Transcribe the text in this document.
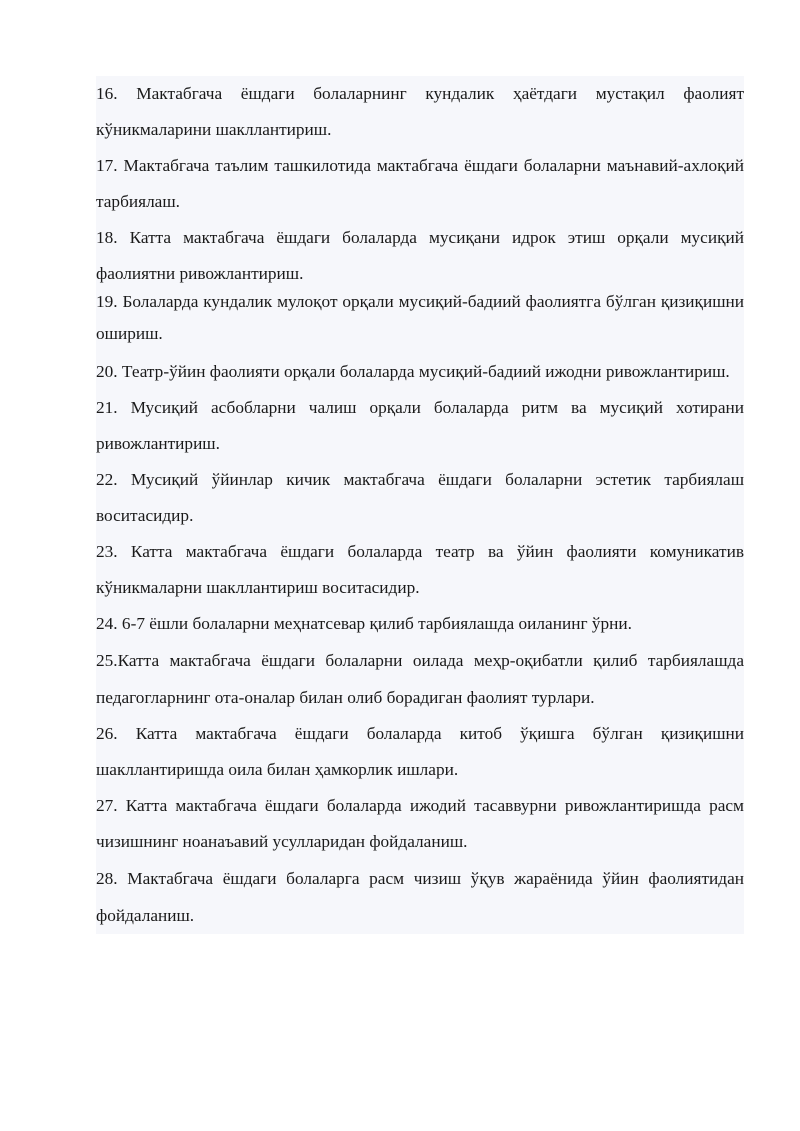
16. Мактабгача ёшдаги болаларнинг кундалик ҳаётдаги мустақил фаолият кўникмаларини шакллантириш.
17. Мактабгача таълим ташкилотида мактабгача ёшдаги болаларни маънавий-ахлоқий тарбиялаш.
18. Катта мактабгача ёшдаги болаларда мусиқани идрок этиш орқали мусиқий фаолиятни ривожлантириш.
19. Болаларда кундалик мулоқот орқали мусиқий-бадиий фаолиятга бўлган қизиқишни ошириш.
20. Театр-ўйин фаолияти орқали болаларда мусиқий-бадиий ижодни ривожлантириш.
21. Мусиқий асбобларни чалиш орқали болаларда ритм ва мусиқий хотирани ривожлантириш.
22. Мусиқий ўйинлар кичик мактабгача ёшдаги болаларни эстетик тарбиялаш воситасидир.
23. Катта мактабгача ёшдаги болаларда театр ва ўйин фаолияти комуникатив кўникмаларни шакллантириш воситасидир.
24. 6-7 ёшли болаларни меҳнатсевар қилиб тарбиялашда оиланинг ўрни.
25.Катта мактабгача ёшдаги болаларни оилада меҳр-оқибатли қилиб тарбиялашда педагогларнинг ота-оналар билан олиб борадиган фаолият турлари.
26. Катта мактабгача ёшдаги болаларда китоб ўқишга бўлган қизиқишни шакллантиришда оила билан ҳамкорлик ишлари.
27. Катта мактабгача ёшдаги болаларда ижодий тасаввурни ривожлантиришда расм чизишнинг ноанаъавий усулларидан фойдаланиш.
28. Мактабгача ёшдаги болаларга расм чизиш ўқув жараёнида ўйин фаолиятидан фойдаланиш.
